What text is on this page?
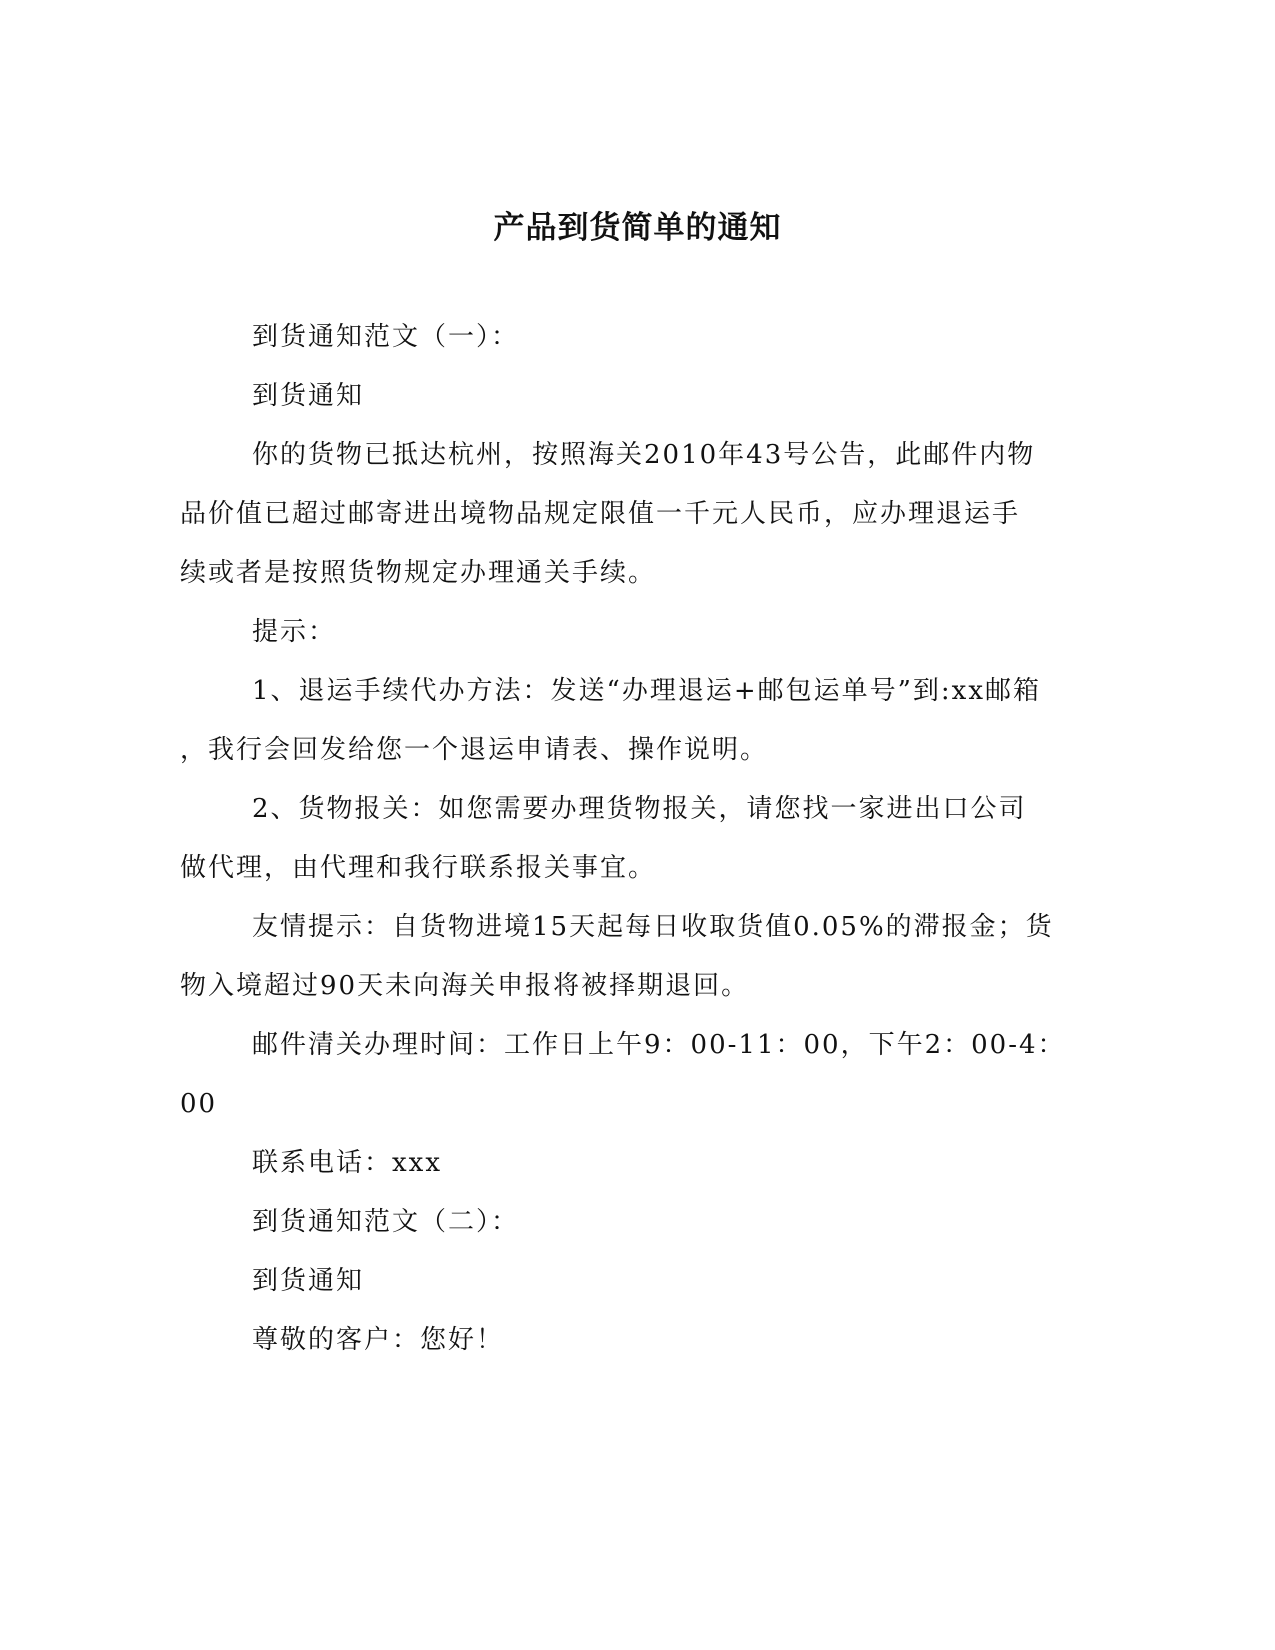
产品到货简单的通知
到货通知范文（一）：
到货通知
你的货物已抵达杭州，按照海关2010年43号公告，此邮件内物
品价值已超过邮寄进出境物品规定限值一千元人民币，应办理退运手
续或者是按照货物规定办理通关手续。
提示：
1、退运手续代办方法：发送“办理退运+邮包运单号”到:xx邮箱
，我行会回发给您一个退运申请表、操作说明。
2、货物报关：如您需要办理货物报关，请您找一家进出口公司
做代理，由代理和我行联系报关事宜。
友情提示：自货物进境15天起每日收取货值0.05%的滞报金；货
物入境超过90天未向海关申报将被择期退回。
邮件清关办理时间：工作日上午9：00-11：00，下午2：00-4：
00
联系电话：xxx
到货通知范文（二）：
到货通知
尊敬的客户：您好！
